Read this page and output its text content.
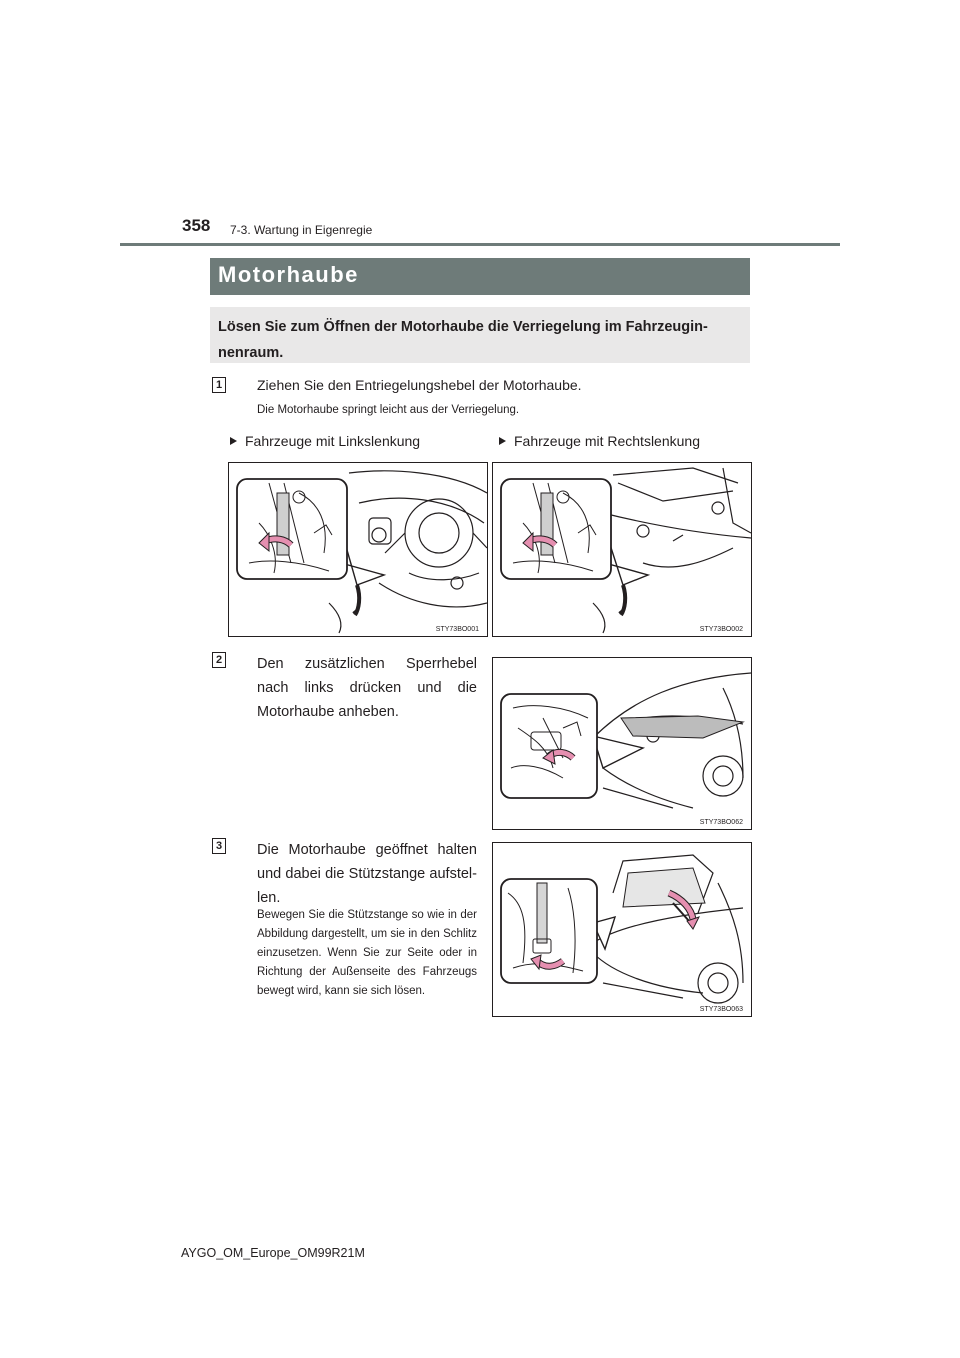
358 7-3. Wartung in Eigenregie
Motorhaube
Lösen Sie zum Öffnen der Motorhaube die Verriegelung im Fahrzeuginnenraum.
1 Ziehen Sie den Entriegelungshebel der Motorhaube.
Die Motorhaube springt leicht aus der Verriegelung.
Fahrzeuge mit Linkslenkung	Fahrzeuge mit Rechtslenkung
STY73BO001	STY73BO002
2 Den zusätzlichen Sperrhebel nach links drücken und die Motorhaube anheben.
STY73BO062
3 Die Motorhaube geöffnet halten und dabei die Stützstange aufstellen.
Bewegen Sie die Stützstange so wie in der Abbildung dargestellt, um sie in den Schlitz einzusetzen. Wenn Sie zur Seite oder in Richtung der Außenseite des Fahrzeugs bewegt wird, kann sie sich lösen.
STY73BO063
AYGO_OM_Europe_OM99R21M
